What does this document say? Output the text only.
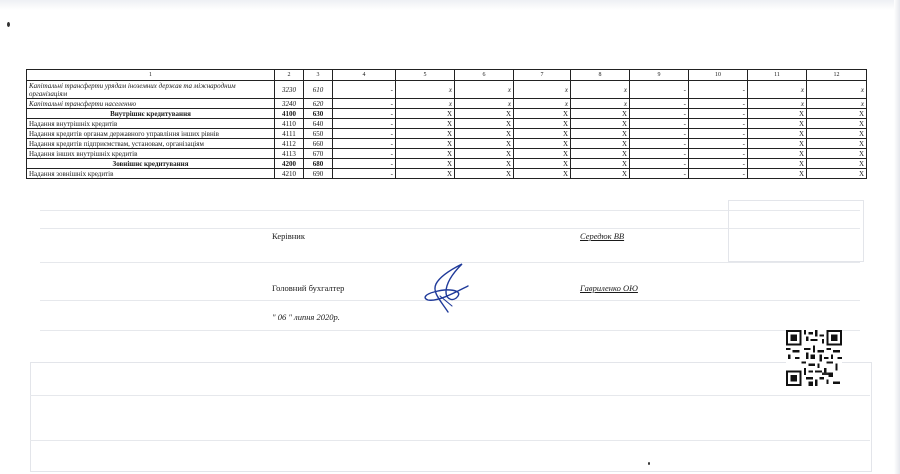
1	2	3	4	5	6	7	8	9	10	11	12
Капітальні трансферти урядам іноземних держав та міжнародним організаціям	3230	610	-	x	x	x	x	-	-	x	x
Капітальні трансферти населенню	3240	620	-	x	x	x	x	-	-	x	x
Внутрішнє кредитування	4100	630	-	X	X	X	X	-	-	X	X
Надання внутрішніх кредитів	4110	640	-	X	X	X	X	-	-	X	X
Надання кредитів органам державного управління інших рівнів	4111	650	-	X	X	X	X	-	-	X	X
Надання кредитів підприємствам, установам, організаціям	4112	660	-	X	X	X	X	-	-	X	X
Надання інших внутрішніх кредитів	4113	670	-	X	X	X	X	-	-	X	X
Зовнішнє кредитування	4200	680	-	X	X	X	X	-	-	X	X
Надання зовнішніх кредитів	4210	690	-	X	X	X	X	-	-	X	X
Керівник	Середюк ВВ
Головний бухгалтер	Гавриленко ОЮ
" 06 " липня 2020р.
